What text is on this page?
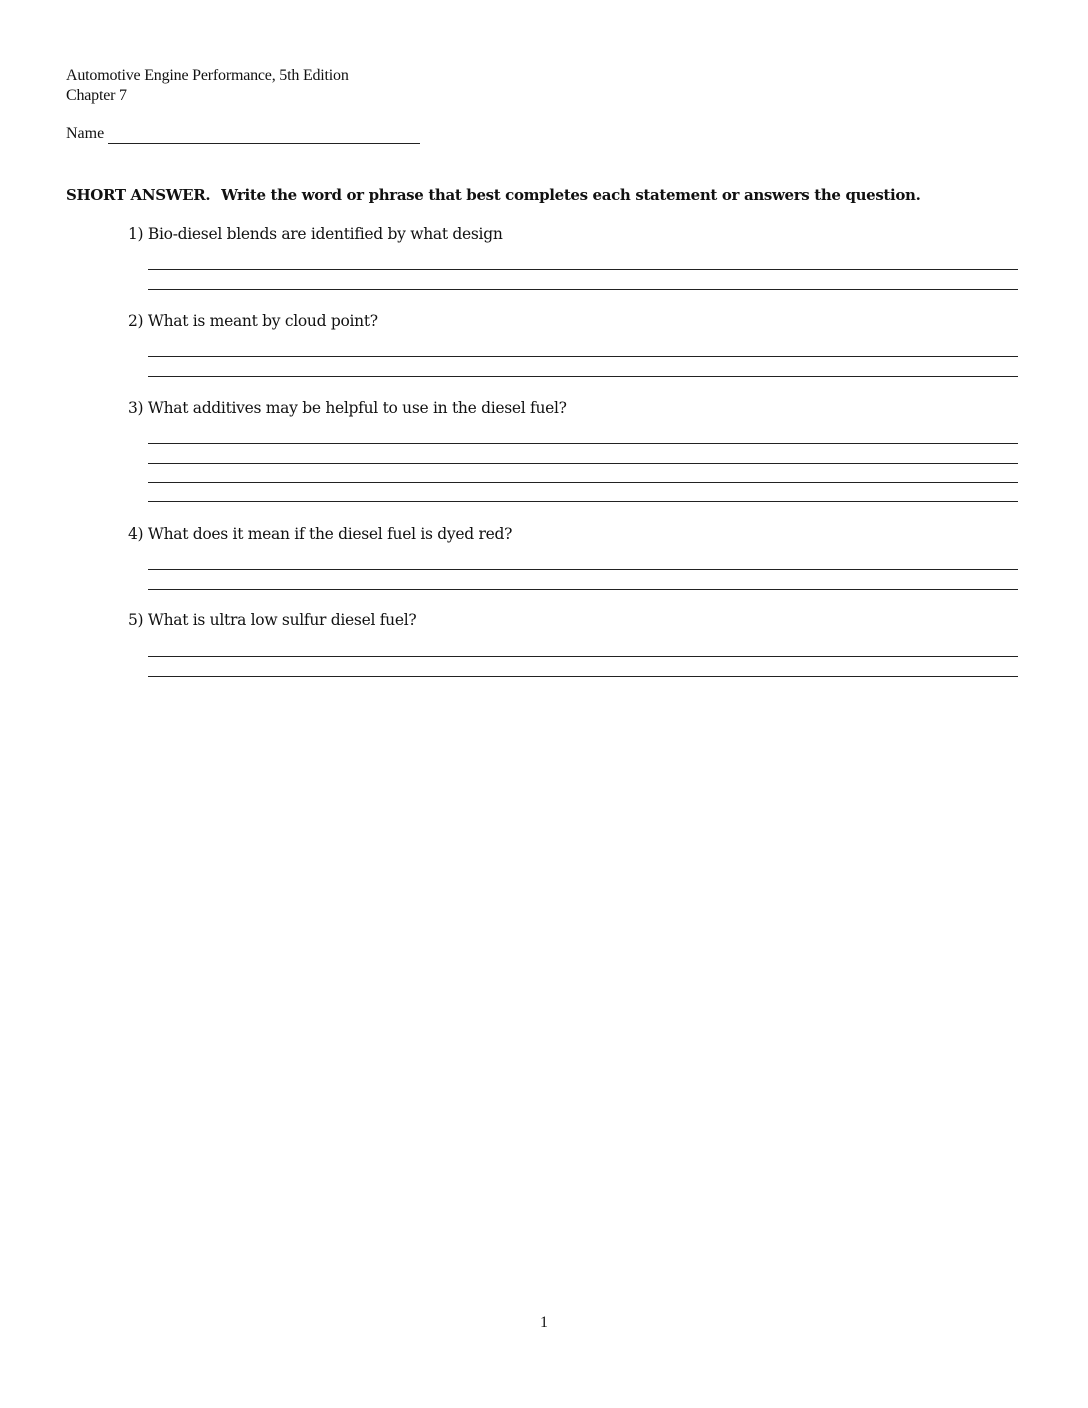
Automotive Engine Performance, 5th Edition
Chapter 7
Name
SHORT ANSWER. Write the word or phrase that best completes each statement or answers the question.
1) Bio-diesel blends are identified by what design
2) What is meant by cloud point?
3) What additives may be helpful to use in the diesel fuel?
4) What does it mean if the diesel fuel is dyed red?
5) What is ultra low sulfur diesel fuel?
1
